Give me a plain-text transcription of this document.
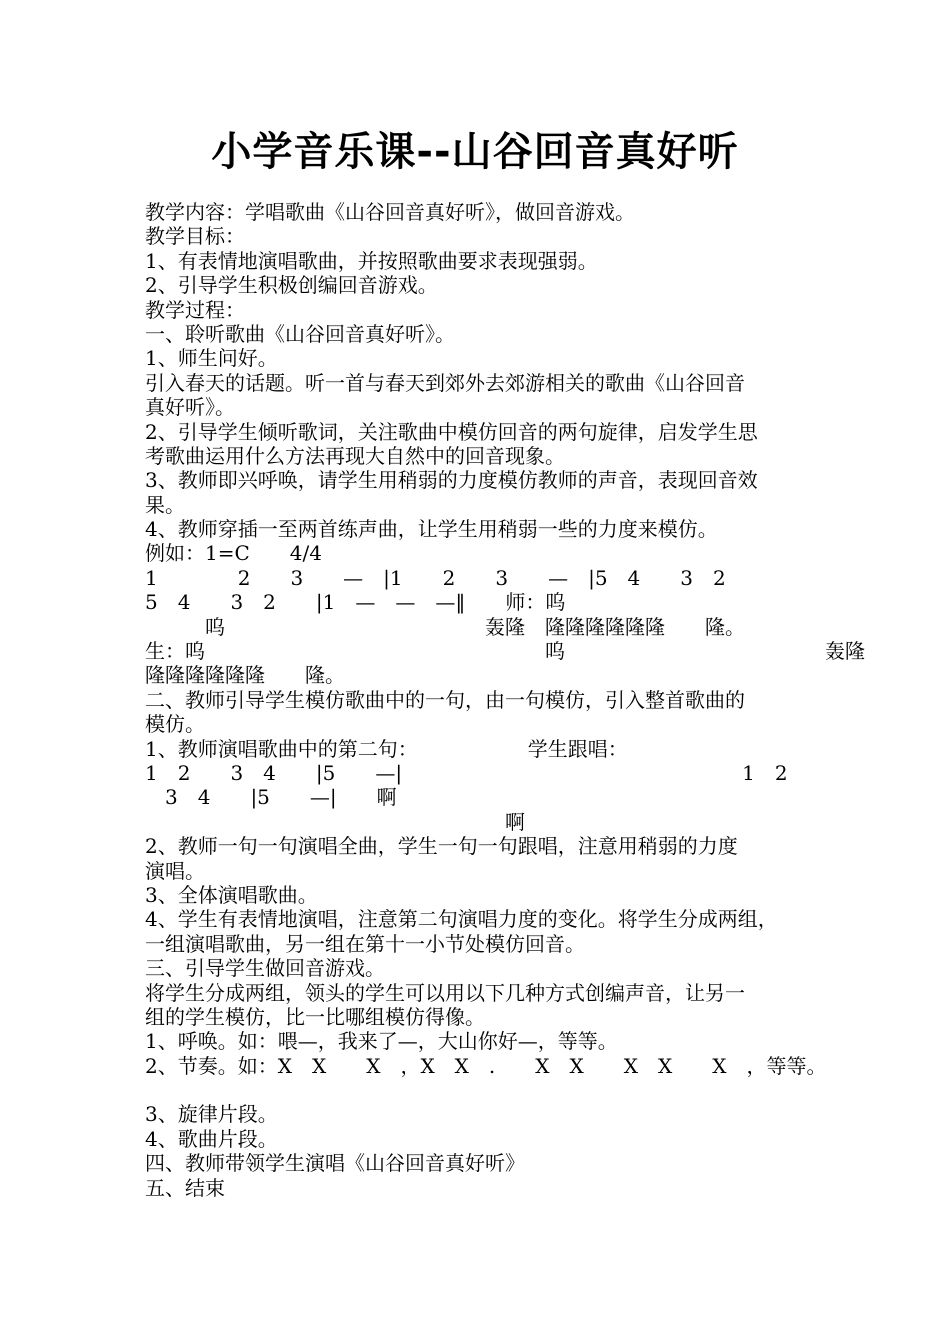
小学音乐课--山谷回音真好听
教学内容：学唱歌曲《山谷回音真好听》，做回音游戏。
教学目标：
1、有表情地演唱歌曲，并按照歌曲要求表现强弱。
2、引导学生积极创编回音游戏。
教学过程：
一、聆听歌曲《山谷回音真好听》。
1、师生问好。
引入春天的话题。听一首与春天到郊外去郊游相关的歌曲《山谷回音
真好听》。
2、引导学生倾听歌词，关注歌曲中模仿回音的两句旋律，启发学生思
考歌曲运用什么方法再现大自然中的回音现象。
3、教师即兴呼唤，请学生用稍弱的力度模仿教师的声音，表现回音效
果。
4、教师穿插一至两首练声曲，让学生用稍弱一些的力度来模仿。
例如：1=C　　4/4
1　　　　2　　3　　—　|1　　2　　3　　—　|5　4　　3　2
5　4　　3　2　　|1　—　—　—‖　　师：呜
　　　呜　　　　　　　　　　　　　轰隆　隆隆隆隆隆隆　　隆。
生：呜　　　　　　　　　　　　　　　　　呜　　　　　　　　　　　　　轰隆
隆隆隆隆隆隆　　隆。
二、教师引导学生模仿歌曲中的一句，由一句模仿，引入整首歌曲的
模仿。
1、教师演唱歌曲中的第二句：　　　　　　学生跟唱：
1　2　　3　4　　|5　　—|　　　　　　　　　　　　　　　　　1　2
　3　4　　|5　　—|　　啊
　　　　　　　　　　　　　　　　　　啊
2、教师一句一句演唱全曲，学生一句一句跟唱，注意用稍弱的力度
演唱。
3、全体演唱歌曲。
4、学生有表情地演唱，注意第二句演唱力度的变化。将学生分成两组，
一组演唱歌曲，另一组在第十一小节处模仿回音。
三、引导学生做回音游戏。
将学生分成两组，领头的学生可以用以下几种方式创编声音，让另一
组的学生模仿，比一比哪组模仿得像。
1、呼唤。如：喂—，我来了—，大山你好—，等等。
2、节奏。如：X　X　　X　，X　X　.　　X　X　　X　X　　X　，等等。
3、旋律片段。
4、歌曲片段。
四、教师带领学生演唱《山谷回音真好听》
五、结束
